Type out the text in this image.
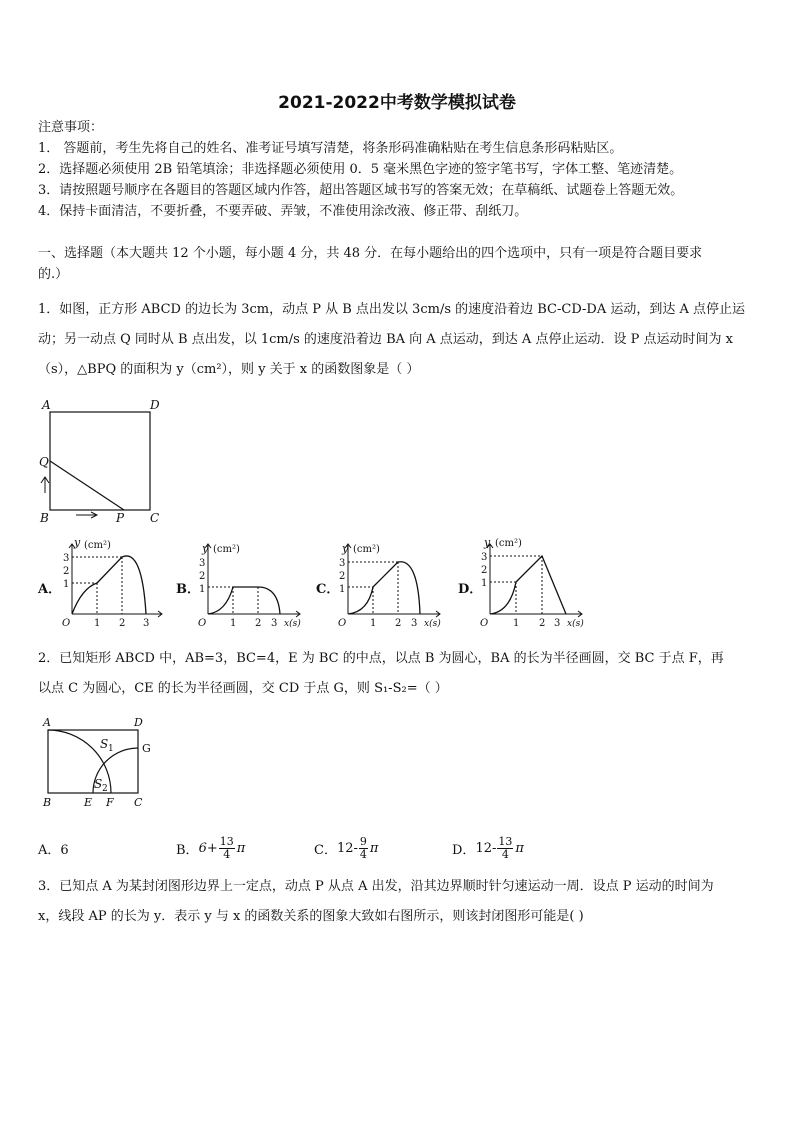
2021-2022中考数学模拟试卷
注意事项：
1． 答题前，考生先将自己的姓名、准考证号填写清楚，将条形码准确粘贴在考生信息条形码粘贴区。
2．选择题必须使用 2B 铅笔填涂；非选择题必须使用 0．5 毫米黑色字迹的签字笔书写，字体工整、笔迹清楚。
3．请按照题号顺序在各题目的答题区域内作答，超出答题区域书写的答案无效；在草稿纸、试题卷上答题无效。
4．保持卡面清洁，不要折叠，不要弄破、弄皱，不准使用涂改液、修正带、刮纸刀。
一、选择题（本大题共 12 个小题，每小题 4 分，共 48 分．在每小题给出的四个选项中，只有一项是符合题目要求
的.）
1．如图，正方形 ABCD 的边长为 3cm，动点 P 从 B 点出发以 3cm/s 的速度沿着边 BC-CD-DA 运动，到达 A 点停止运
动；另一动点 Q 同时从 B 点出发，以 1cm/s 的速度沿着边 BA 向 A 点运动，到达 A 点停止运动．设 P 点运动时间为 x
（s），△BPQ 的面积为 y（cm²），则 y 关于 x 的函数图象是（ ）
A	D
Q
B	P C
A．
y (cm²)
3
2
1
O 1 2 3
B．
y (cm²)
3
2
1
O 1 2 3 x(s)
C．
y (cm²)
3
2
1
O 1 2 3 x(s)
D．
y (cm²)
3
2
1
O 1 2 3 x(s)
2．已知矩形 ABCD 中，AB=3，BC=4，E 为 BC 的中点，以点 B 为圆心，BA 的长为半径画圆，交 BC 于点 F，再
以点 C 为圆心，CE 的长为半径画圆，交 CD 于点 G，则 S₁-S₂=（ ）
A	D
G
B	E F C
S 1
S 2
A．6	B． $6+ \frac{13}{4}$ π	C． $12- \frac{9}{4}$ π	D． $12- \frac{13}{4}$ π
3．已知点 A 为某封闭图形边界上一定点，动点 P 从点 A 出发，沿其边界顺时针匀速运动一周．设点 P 运动的时间为
x，线段 AP 的长为 y．表示 y 与 x 的函数关系的图象大致如右图所示，则该封闭图形可能是( )
